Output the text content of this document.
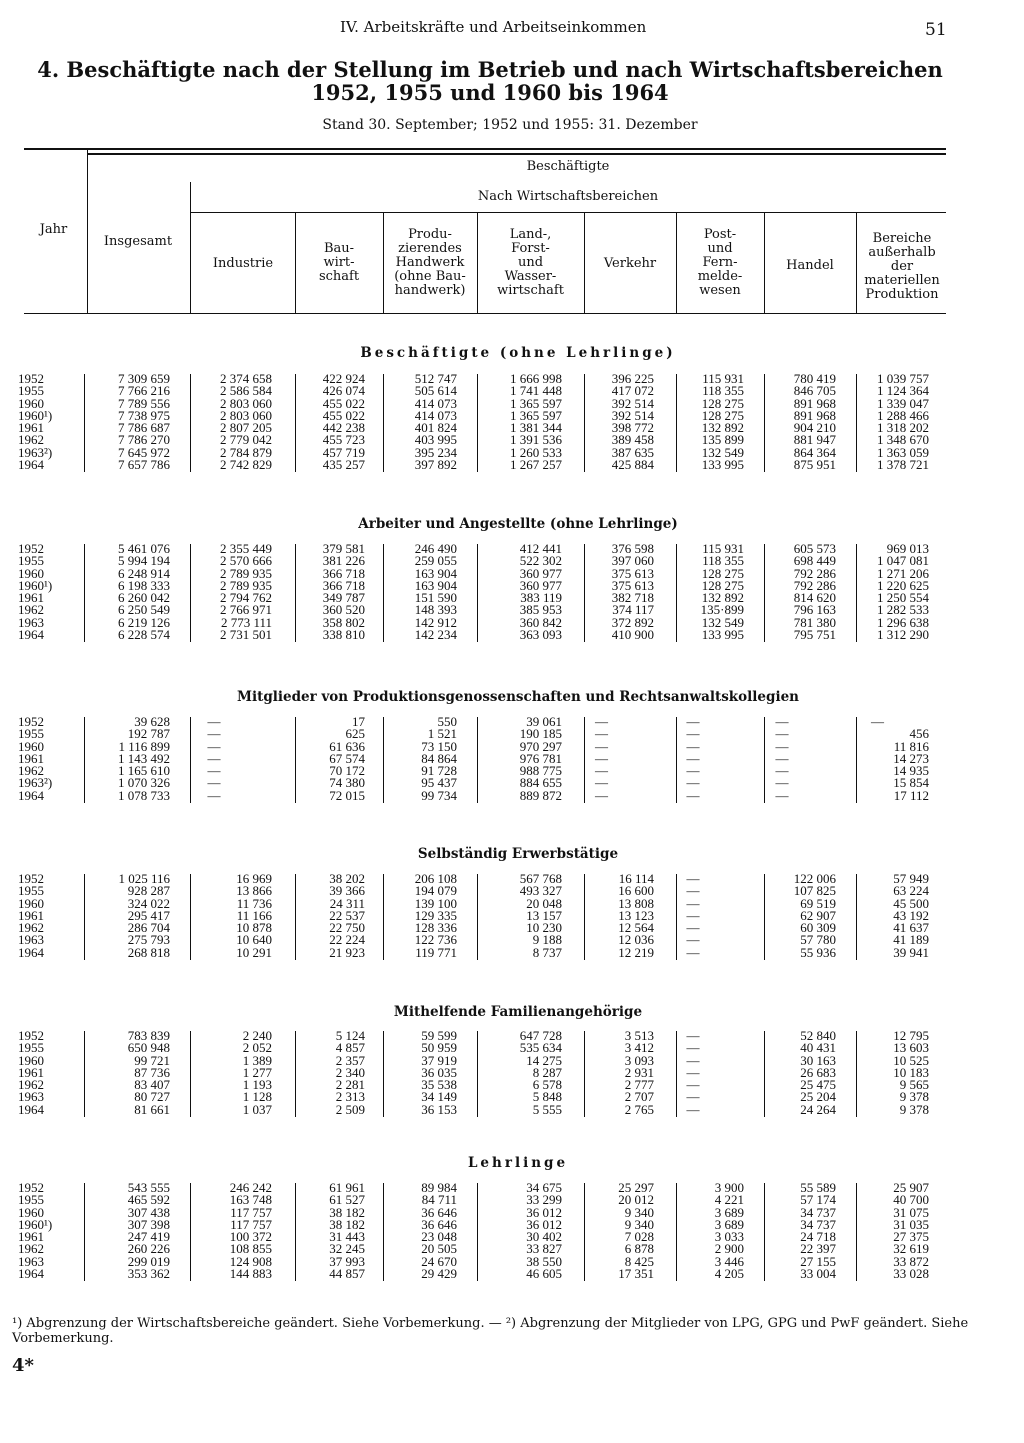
IV. Arbeitskräfte und Arbeitseinkommen	51
4. Beschäftigte nach der Stellung im Betrieb und nach Wirtschaftsbereichen 1952, 1955 und 1960 bis 1964
Stand 30. September; 1952 und 1955: 31. Dezember
Jahr
Beschäftigte
Insgesamt
Nach Wirtschaftsbereichen
Industrie
Bau-
wirt-
schaft
Produ-
zierendes
Handwerk
(ohne Bau-
handwerk)
Land-,
Forst-
und
Wasser-
wirtschaft
Verkehr
Post-
und
Fern-
melde-
wesen
Handel
Bereiche
außerhalb
der
materiellen
Produktion
Beschäftigte (ohne Lehrlinge)
1952
1955
1960
1960¹)
1961
1962
1963²)
1964
7 309 659
7 766 216
7 789 556
7 738 975
7 786 687
7 786 270
7 645 972
7 657 786
2 374 658
2 586 584
2 803 060
2 803 060
2 807 205
2 779 042
2 784 879
2 742 829
422 924
426 074
455 022
455 022
442 238
455 723
457 719
435 257
512 747
505 614
414 073
414 073
401 824
403 995
395 234
397 892
1 666 998
1 741 448
1 365 597
1 365 597
1 381 344
1 391 536
1 260 533
1 267 257
396 225
417 072
392 514
392 514
398 772
389 458
387 635
425 884
115 931
118 355
128 275
128 275
132 892
135 899
132 549
133 995
780 419
846 705
891 968
891 968
904 210
881 947
864 364
875 951
1 039 757
1 124 364
1 339 047
1 288 466
1 318 202
1 348 670
1 363 059
1 378 721
Arbeiter und Angestellte (ohne Lehrlinge)
1952
1955
1960
1960¹)
1961
1962
1963
1964
5 461 076
5 994 194
6 248 914
6 198 333
6 260 042
6 250 549
6 219 126
6 228 574
2 355 449
2 570 666
2 789 935
2 789 935
2 794 762
2 766 971
2 773 111
2 731 501
379 581
381 226
366 718
366 718
349 787
360 520
358 802
338 810
246 490
259 055
163 904
163 904
151 590
148 393
142 912
142 234
412 441
522 302
360 977
360 977
383 119
385 953
360 842
363 093
376 598
397 060
375 613
375 613
382 718
374 117
372 892
410 900
115 931
118 355
128 275
128 275
132 892
135·899
132 549
133 995
605 573
698 449
792 286
792 286
814 620
796 163
781 380
795 751
969 013
1 047 081
1 271 206
1 220 625
1 250 554
1 282 533
1 296 638
1 312 290
Mitglieder von Produktionsgenossenschaften und Rechtsanwaltskollegien
1952
1955
1960
1961
1962
1963²)
1964
39 628
192 787
1 116 899
1 143 492
1 165 610
1 070 326
1 078 733
—
—
—
—
—
—
—
17
625
61 636
67 574
70 172
74 380
72 015
550
1 521
73 150
84 864
91 728
95 437
99 734
39 061
190 185
970 297
976 781
988 775
884 655
889 872
—
—
—
—
—
—
—
—
—
—
—
—
—
—
—
—
—
—
—
—
—
—
456
11 816
14 273
14 935
15 854
17 112
Selbständig Erwerbstätige
1952
1955
1960
1961
1962
1963
1964
1 025 116
928 287
324 022
295 417
286 704
275 793
268 818
16 969
13 866
11 736
11 166
10 878
10 640
10 291
38 202
39 366
24 311
22 537
22 750
22 224
21 923
206 108
194 079
139 100
129 335
128 336
122 736
119 771
567 768
493 327
20 048
13 157
10 230
9 188
8 737
16 114
16 600
13 808
13 123
12 564
12 036
12 219
—
—
—
—
—
—
—
122 006
107 825
69 519
62 907
60 309
57 780
55 936
57 949
63 224
45 500
43 192
41 637
41 189
39 941
Mithelfende Familienangehörige
1952
1955
1960
1961
1962
1963
1964
783 839
650 948
99 721
87 736
83 407
80 727
81 661
2 240
2 052
1 389
1 277
1 193
1 128
1 037
5 124
4 857
2 357
2 340
2 281
2 313
2 509
59 599
50 959
37 919
36 035
35 538
34 149
36 153
647 728
535 634
14 275
8 287
6 578
5 848
5 555
3 513
3 412
3 093
2 931
2 777
2 707
2 765
—
—
—
—
—
—
—
52 840
40 431
30 163
26 683
25 475
25 204
24 264
12 795
13 603
10 525
10 183
9 565
9 378
9 378
Lehrlinge
1952
1955
1960
1960¹)
1961
1962
1963
1964
543 555
465 592
307 438
307 398
247 419
260 226
299 019
353 362
246 242
163 748
117 757
117 757
100 372
108 855
124 908
144 883
61 961
61 527
38 182
38 182
31 443
32 245
37 993
44 857
89 984
84 711
36 646
36 646
23 048
20 505
24 670
29 429
34 675
33 299
36 012
36 012
30 402
33 827
38 550
46 605
25 297
20 012
9 340
9 340
7 028
6 878
8 425
17 351
3 900
4 221
3 689
3 689
3 033
2 900
3 446
4 205
55 589
57 174
34 737
34 737
24 718
22 397
27 155
33 004
25 907
40 700
31 075
31 035
27 375
32 619
33 872
33 028
¹) Abgrenzung der Wirtschaftsbereiche geändert. Siehe Vorbemerkung. — ²) Abgrenzung der Mitglieder von LPG, GPG und PwF geändert. Siehe Vorbemerkung.
4*
